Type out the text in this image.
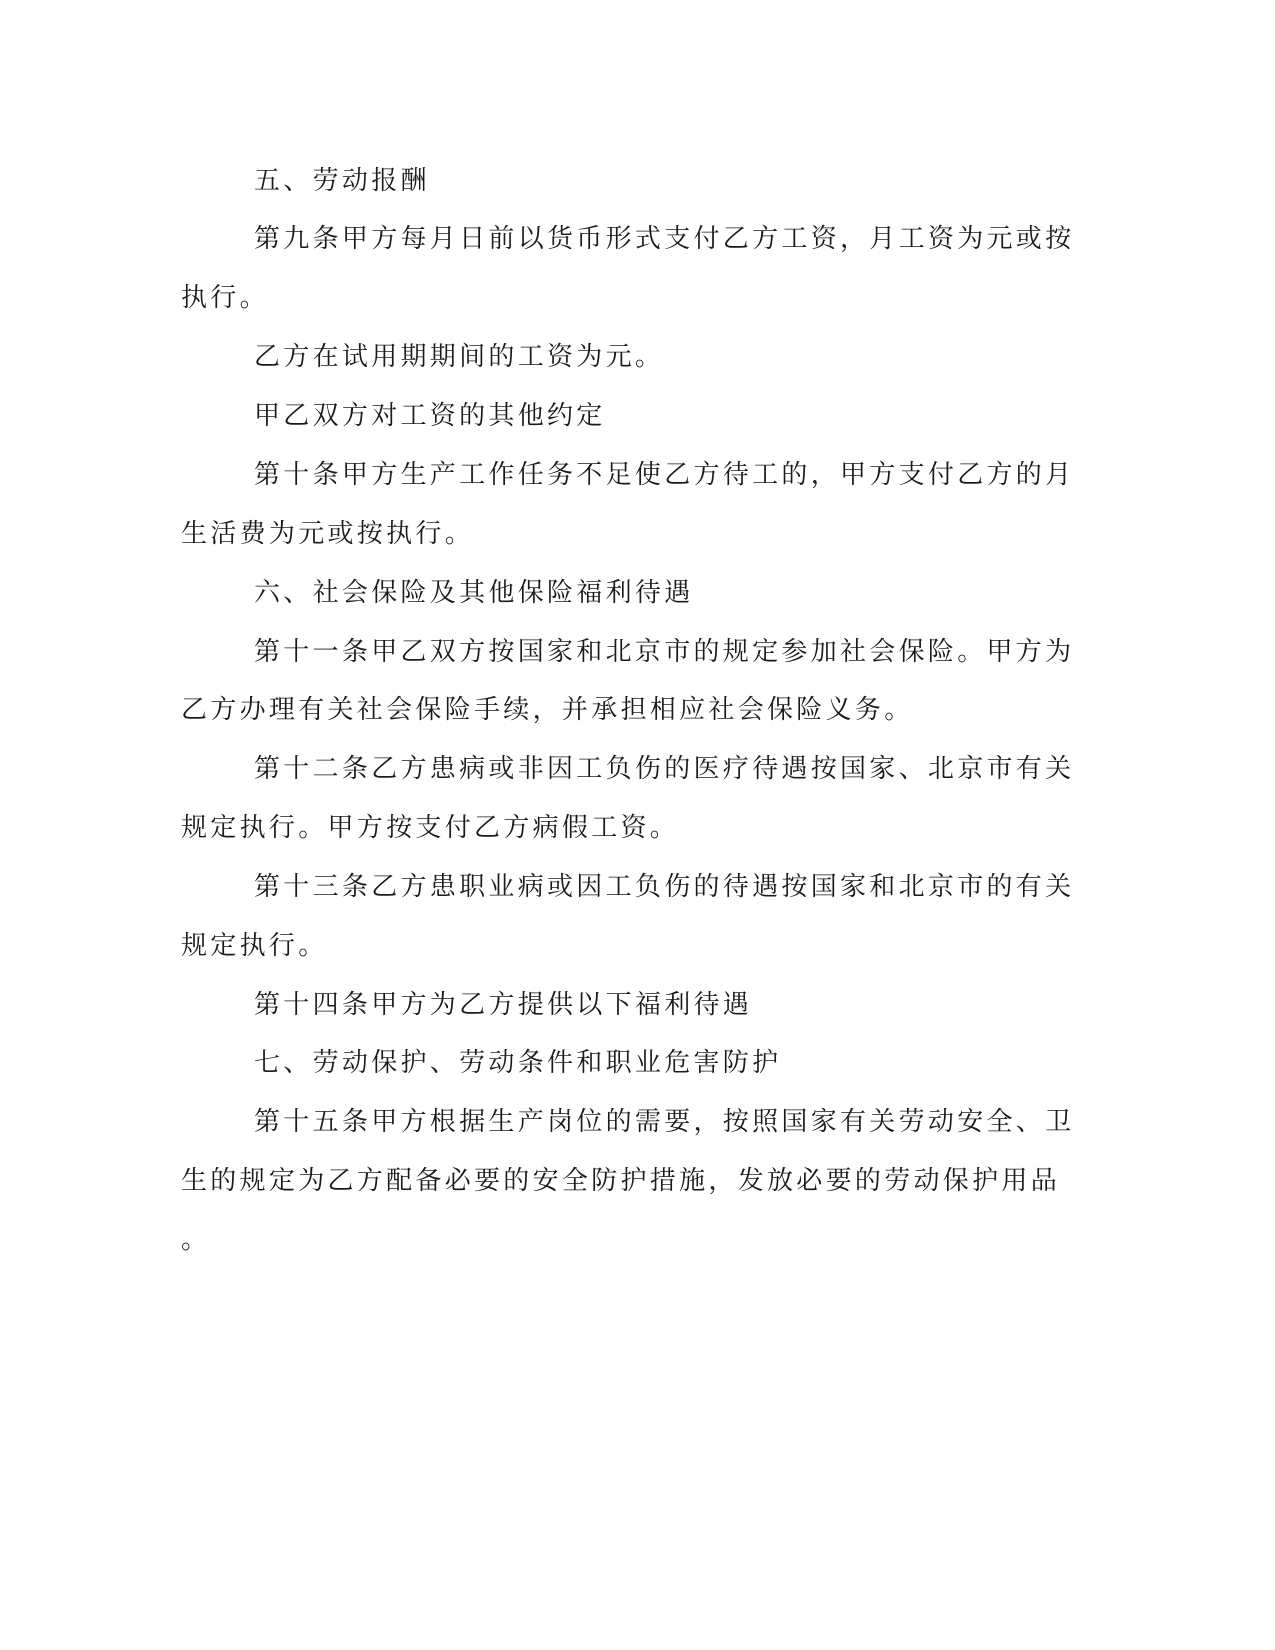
五、劳动报酬
第九条甲方每月日前以货币形式支付乙方工资，月工资为元或按
执行。
乙方在试用期期间的工资为元。
甲乙双方对工资的其他约定
第十条甲方生产工作任务不足使乙方待工的，甲方支付乙方的月
生活费为元或按执行。
六、社会保险及其他保险福利待遇
第十一条甲乙双方按国家和北京市的规定参加社会保险。甲方为
乙方办理有关社会保险手续，并承担相应社会保险义务。
第十二条乙方患病或非因工负伤的医疗待遇按国家、北京市有关
规定执行。甲方按支付乙方病假工资。
第十三条乙方患职业病或因工负伤的待遇按国家和北京市的有关
规定执行。
第十四条甲方为乙方提供以下福利待遇
七、劳动保护、劳动条件和职业危害防护
第十五条甲方根据生产岗位的需要，按照国家有关劳动安全、卫
生的规定为乙方配备必要的安全防护措施，发放必要的劳动保护用品
。
